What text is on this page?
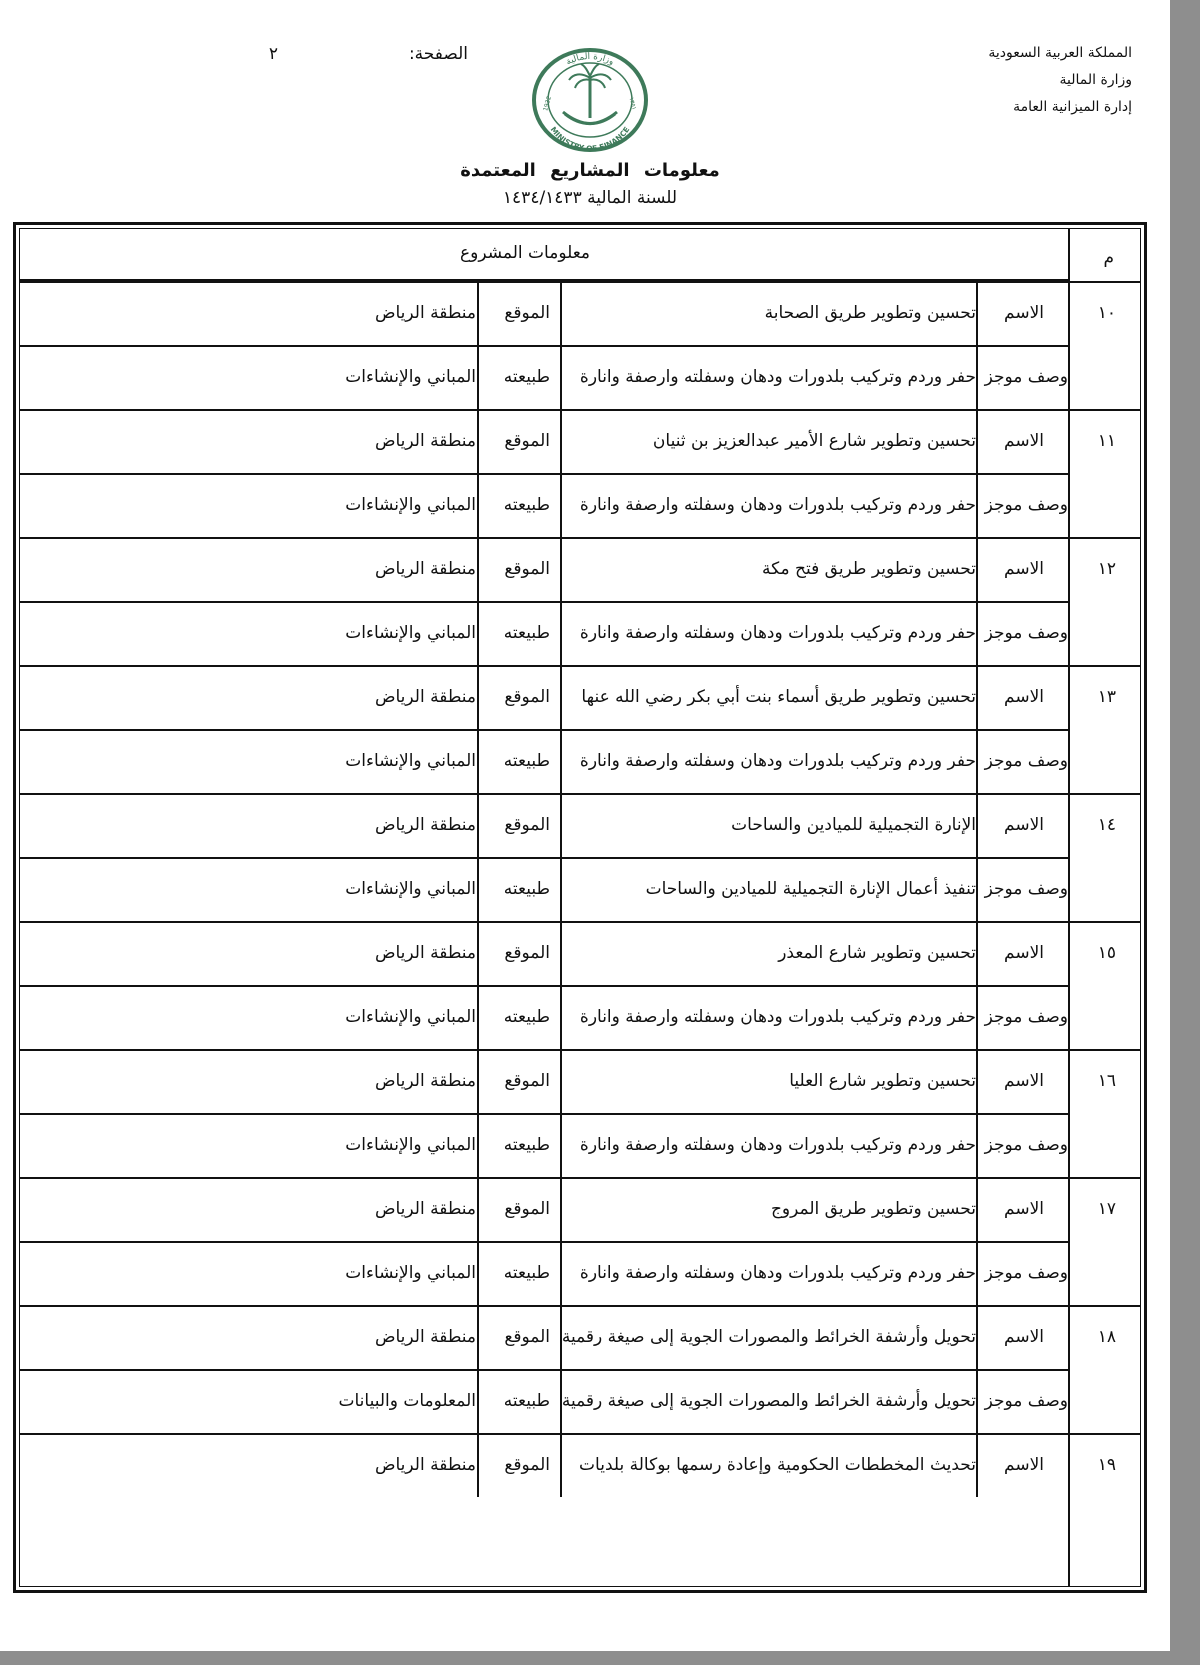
المملكة العربية السعودية
وزارة المالية
إدارة الميزانية العامة
الصفحة:
٢	وزارة المالية
MINISTRY OF FINANCE
1932	١٣٥١
معلومات المشاريع المعتمدة
للسنة المالية ١٤٣٤/١٤٣٣
م
معلومات المشروع
١٠
الاسم
تحسين وتطوير طريق الصحابة
الموقع
منطقة الرياض
وصف موجز
حفر وردم وتركيب بلدورات ودهان وسفلته وارصفة وانارة
طبيعته
المباني والإنشاءات
١١
الاسم
تحسين وتطوير شارع الأمير عبدالعزيز بن ثنيان
الموقع
منطقة الرياض
وصف موجز
حفر وردم وتركيب بلدورات ودهان وسفلته وارصفة وانارة
طبيعته
المباني والإنشاءات
١٢
الاسم
تحسين وتطوير طريق فتح مكة
الموقع
منطقة الرياض
وصف موجز
حفر وردم وتركيب بلدورات ودهان وسفلته وارصفة وانارة
طبيعته
المباني والإنشاءات
١٣
الاسم
تحسين وتطوير طريق أسماء بنت أبي بكر رضي الله عنها
الموقع
منطقة الرياض
وصف موجز
حفر وردم وتركيب بلدورات ودهان وسفلته وارصفة وانارة
طبيعته
المباني والإنشاءات
١٤
الاسم
الإنارة التجميلية للميادين والساحات
الموقع
منطقة الرياض
وصف موجز
تنفيذ أعمال الإنارة التجميلية للميادين والساحات
طبيعته
المباني والإنشاءات
١٥
الاسم
تحسين وتطوير شارع المعذر
الموقع
منطقة الرياض
وصف موجز
حفر وردم وتركيب بلدورات ودهان وسفلته وارصفة وانارة
طبيعته
المباني والإنشاءات
١٦
الاسم
تحسين وتطوير شارع العليا
الموقع
منطقة الرياض
وصف موجز
حفر وردم وتركيب بلدورات ودهان وسفلته وارصفة وانارة
طبيعته
المباني والإنشاءات
١٧
الاسم
تحسين وتطوير طريق المروج
الموقع
منطقة الرياض
وصف موجز
حفر وردم وتركيب بلدورات ودهان وسفلته وارصفة وانارة
طبيعته
المباني والإنشاءات
١٨
الاسم
تحويل وأرشفة الخرائط والمصورات الجوية إلى صيغة رقمية
الموقع
منطقة الرياض
وصف موجز
تحويل وأرشفة الخرائط والمصورات الجوية إلى صيغة رقمية
طبيعته
المعلومات والبيانات
١٩
الاسم
تحديث المخططات الحكومية وإعادة رسمها بوكالة بلديات
الموقع
منطقة الرياض
